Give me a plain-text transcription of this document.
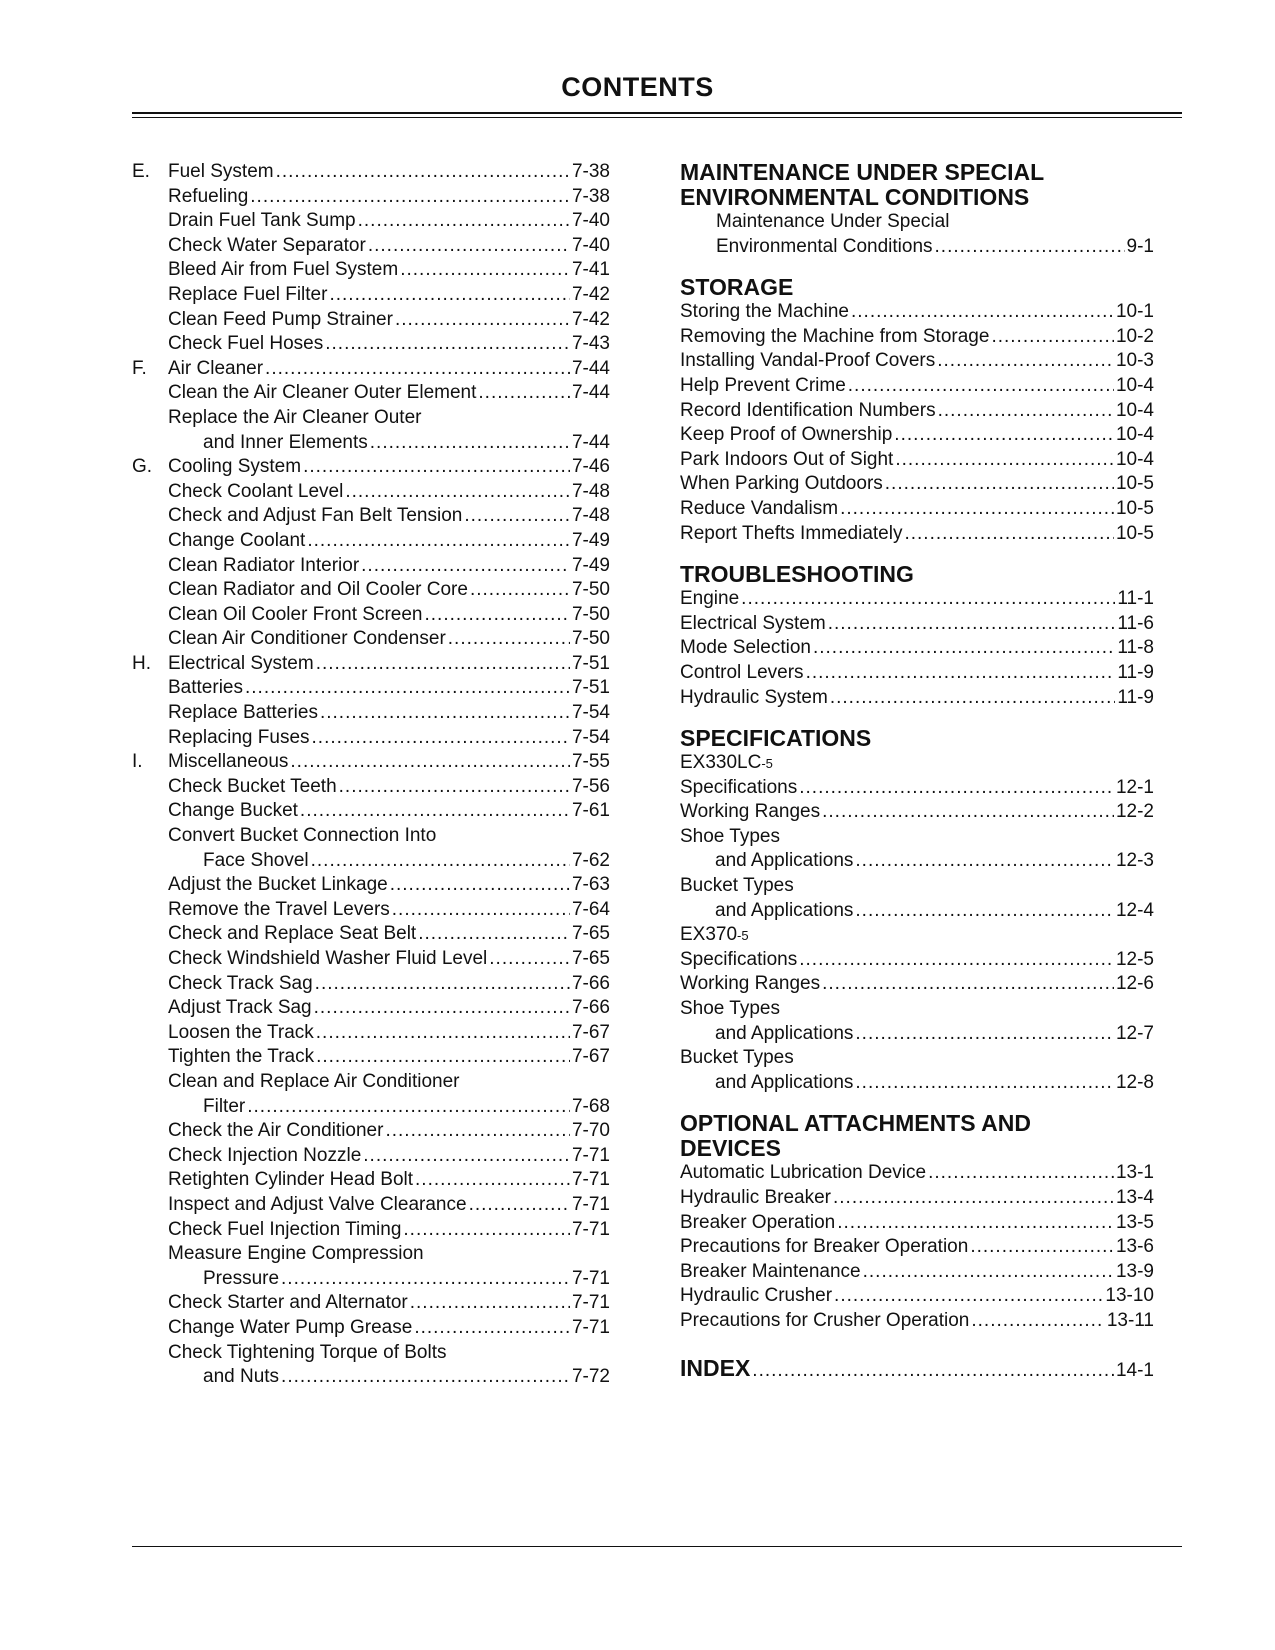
CONTENTS
E. Fuel System .....	7-38
Refueling .....	7-38
Drain Fuel Tank Sump .....	7-40
Check Water Separator .....	7-40
Bleed Air from Fuel System .....	7-41
Replace Fuel Filter .....	7-42
Clean Feed Pump Strainer .....	7-42
Check Fuel Hoses .....	7-43
F.	Air Cleaner .....	7-44
Clean the Air Cleaner Outer Element .....	7-44
Replace the Air Cleaner Outer
and Inner Elements .....	7-44
G. Cooling System .....	7-46
Check Coolant Level .....	7-48
Check and Adjust Fan Belt Tension .....	7-48
Change Coolant .....	7-49
Clean Radiator Interior .....	7-49
Clean Radiator and Oil Cooler Core .....	7-50
Clean Oil Cooler Front Screen .....	7-50
Clean Air Conditioner Condenser .....	7-50
H. Electrical System .....	7-51
Batteries .....	7-51
Replace Batteries .....	7-54
Replacing Fuses .....	7-54
I.	Miscellaneous .....	7-55
Check Bucket Teeth .....	7-56
Change Bucket .....	7-61
Convert Bucket Connection Into
Face Shovel .....	7-62
Adjust the Bucket Linkage .....	7-63
Remove the Travel Levers .....	7-64
Check and Replace Seat Belt .....	7-65
Check Windshield Washer Fluid Level .....	7-65
Check Track Sag .....	7-66
Adjust Track Sag .....	7-66
Loosen the Track .....	7-67
Tighten the Track .....	7-67
Clean and Replace Air Conditioner
Filter .....	7-68
Check the Air Conditioner .....	7-70
Check Injection Nozzle .....	7-71
Retighten Cylinder Head Bolt .....	7-71
Inspect and Adjust Valve Clearance .....	7-71
Check Fuel Injection Timing .....	7-71
Measure Engine Compression
Pressure .....	7-71
Check Starter and Alternator .....	7-71
Change Water Pump Grease .....	7-71
Check Tightening Torque of Bolts
and Nuts .....	7-72
MAINTENANCE UNDER SPECIAL
ENVIRONMENTAL CONDITIONS
Maintenance Under Special
Environmental Conditions .....	9-1
STORAGE
Storing the Machine .....	10-1
Removing the Machine from Storage .....	10-2
Installing Vandal-Proof Covers .....	10-3
Help Prevent Crime .....	10-4
Record Identification Numbers .....	10-4
Keep Proof of Ownership .....	10-4
Park Indoors Out of Sight .....	10-4
When Parking Outdoors .....	10-5
Reduce Vandalism .....	10-5
Report Thefts Immediately .....	10-5
TROUBLESHOOTING
Engine .....	11-1
Electrical System .....	11-6
Mode Selection .....	11-8
Control Levers .....	11-9
Hydraulic System .....	11-9
SPECIFICATIONS
EX330LC -5
Specifications .....	12-1
Working Ranges .....	12-2
Shoe Types
and Applications .....	12-3
Bucket Types
and Applications .....	12-4
EX370 -5
Specifications .....	12-5
Working Ranges .....	12-6
Shoe Types
and Applications .....	12-7
Bucket Types
and Applications .....	12-8
OPTIONAL ATTACHMENTS AND
DEVICES
Automatic Lubrication Device .....	13-1
Hydraulic Breaker .....	13-4
Breaker Operation .....	13-5
Precautions for Breaker Operation .....	13-6
Breaker Maintenance .....	13-9
Hydraulic Crusher .....	13-10
Precautions for Crusher Operation .....	13-11
INDEX .....	14-1
